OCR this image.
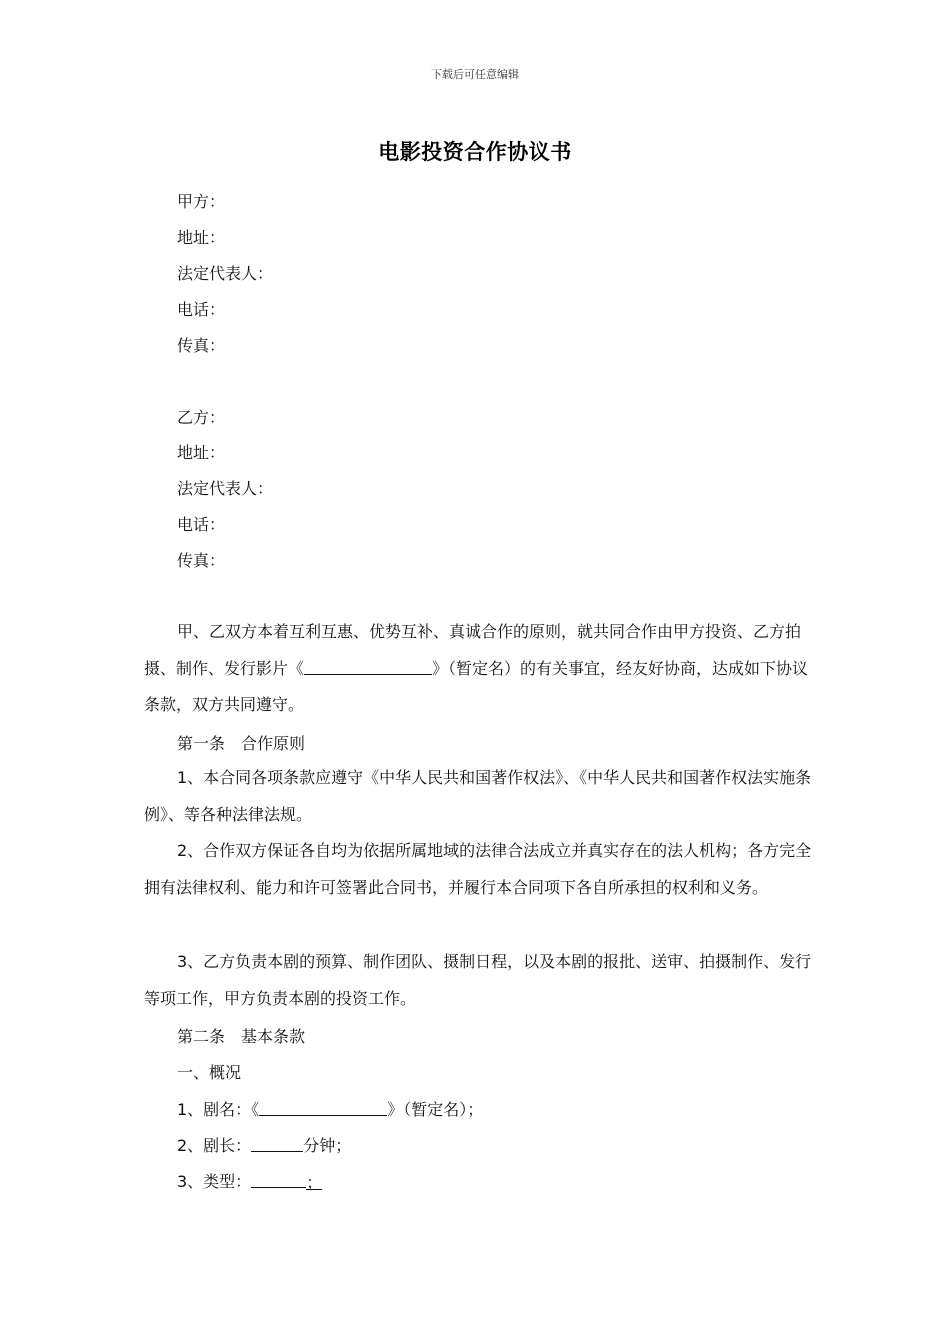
下载后可任意编辑
电影投资合作协议书
甲方：
地址：
法定代表人：
电话：
传真：
乙方：
地址：
法定代表人：
电话：
传真：

甲、乙双方本着互利互惠、优势互补、真诚合作的原则，就共同合作由甲方投资、乙方拍摄、制作、发行影片《	》（暂定名）的有关事宜，经友好协商，达成如下协议条款，双方共同遵守。

第一条　合作原则

1、本合同各项条款应遵守《中华人民共和国著作权法》、《中华人民共和国著作权法实施条例》、等各种法律法规。

2、合作双方保证各自均为依据所属地域的法律合法成立并真实存在的法人机构；各方完全拥有法律权利、能力和许可签署此合同书，并履行本合同项下各自所承担的权利和义务。

3、乙方负责本剧的预算、制作团队、摄制日程，以及本剧的报批、送审、拍摄制作、发行等项工作，甲方负责本剧的投资工作。

第二条　基本条款
一、概况
1、剧名：《	》（暂定名）；
2、剧长：	分钟；
3、类型：	；
